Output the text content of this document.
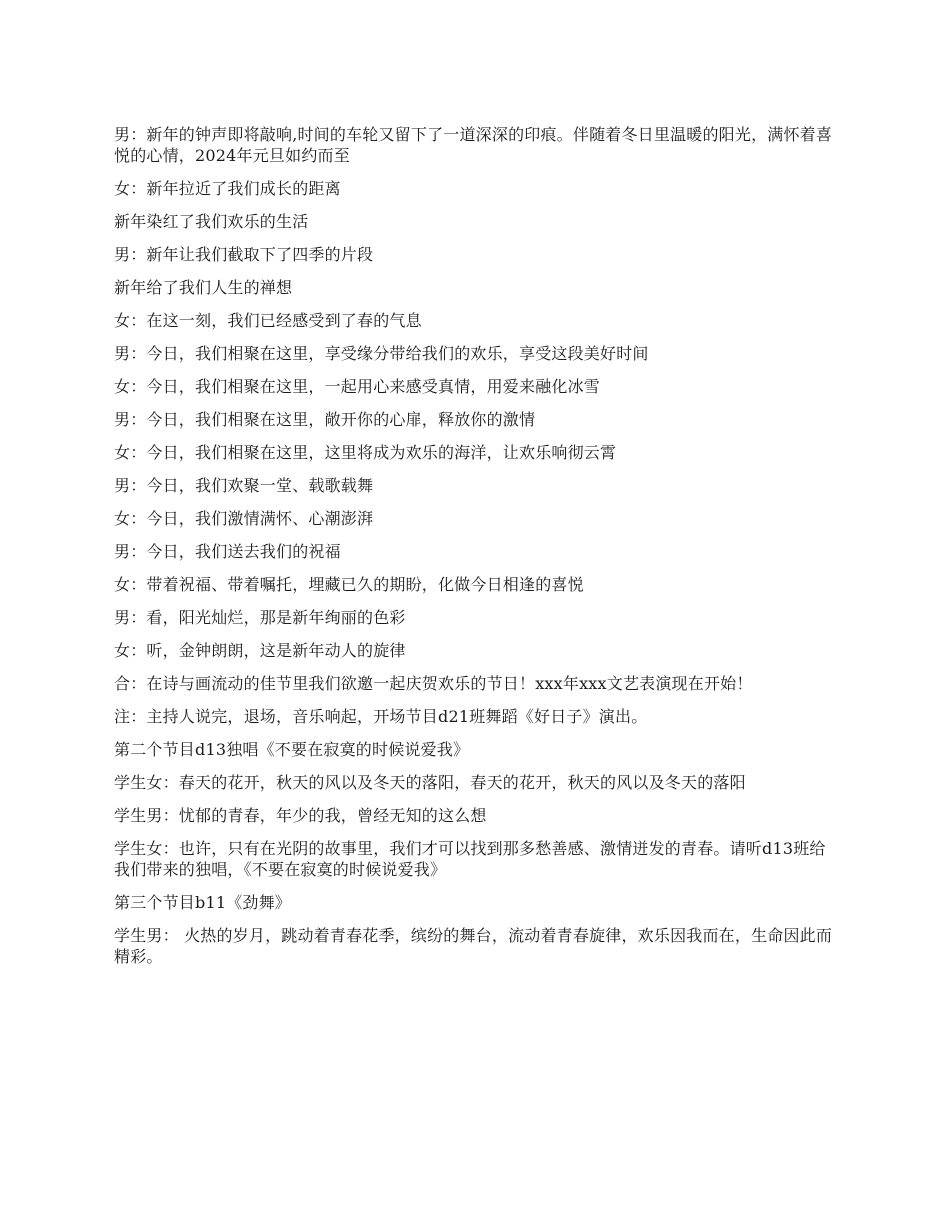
男：新年的钟声即将敲响,时间的车轮又留下了一道深深的印痕。伴随着冬日里温暖的阳光，满怀着喜悦的心情，2024年元旦如约而至

女：新年拉近了我们成长的距离

新年染红了我们欢乐的生活

男：新年让我们截取下了四季的片段

新年给了我们人生的禅想

女：在这一刻，我们已经感受到了春的气息

男：今日，我们相聚在这里，享受缘分带给我们的欢乐，享受这段美好时间

女：今日，我们相聚在这里，一起用心来感受真情，用爱来融化冰雪

男：今日，我们相聚在这里，敞开你的心扉，释放你的激情

女：今日，我们相聚在这里，这里将成为欢乐的海洋，让欢乐响彻云霄

男：今日，我们欢聚一堂、载歌载舞

女：今日，我们激情满怀、心潮澎湃

男：今日，我们送去我们的祝福

女：带着祝福、带着嘱托，埋藏已久的期盼，化做今日相逢的喜悦

男：看，阳光灿烂，那是新年绚丽的色彩

女：听，金钟朗朗，这是新年动人的旋律

合：在诗与画流动的佳节里我们欲邀一起庆贺欢乐的节日！xxx年xxx文艺表演现在开始！

注：主持人说完，退场，音乐响起，开场节目d21班舞蹈《好日子》演出。

第二个节目d13独唱《不要在寂寞的时候说爱我》

学生女：春天的花开，秋天的风以及冬天的落阳，春天的花开，秋天的风以及冬天的落阳

学生男：忧郁的青春，年少的我，曾经无知的这么想

学生女：也许，只有在光阴的故事里，我们才可以找到那多愁善感、激情迸发的青春。请听d13班给我们带来的独唱，《不要在寂寞的时候说爱我》

第三个节目b11《劲舞》

学生男： 火热的岁月，跳动着青春花季，缤纷的舞台，流动着青春旋律，欢乐因我而在，生命因此而精彩。
